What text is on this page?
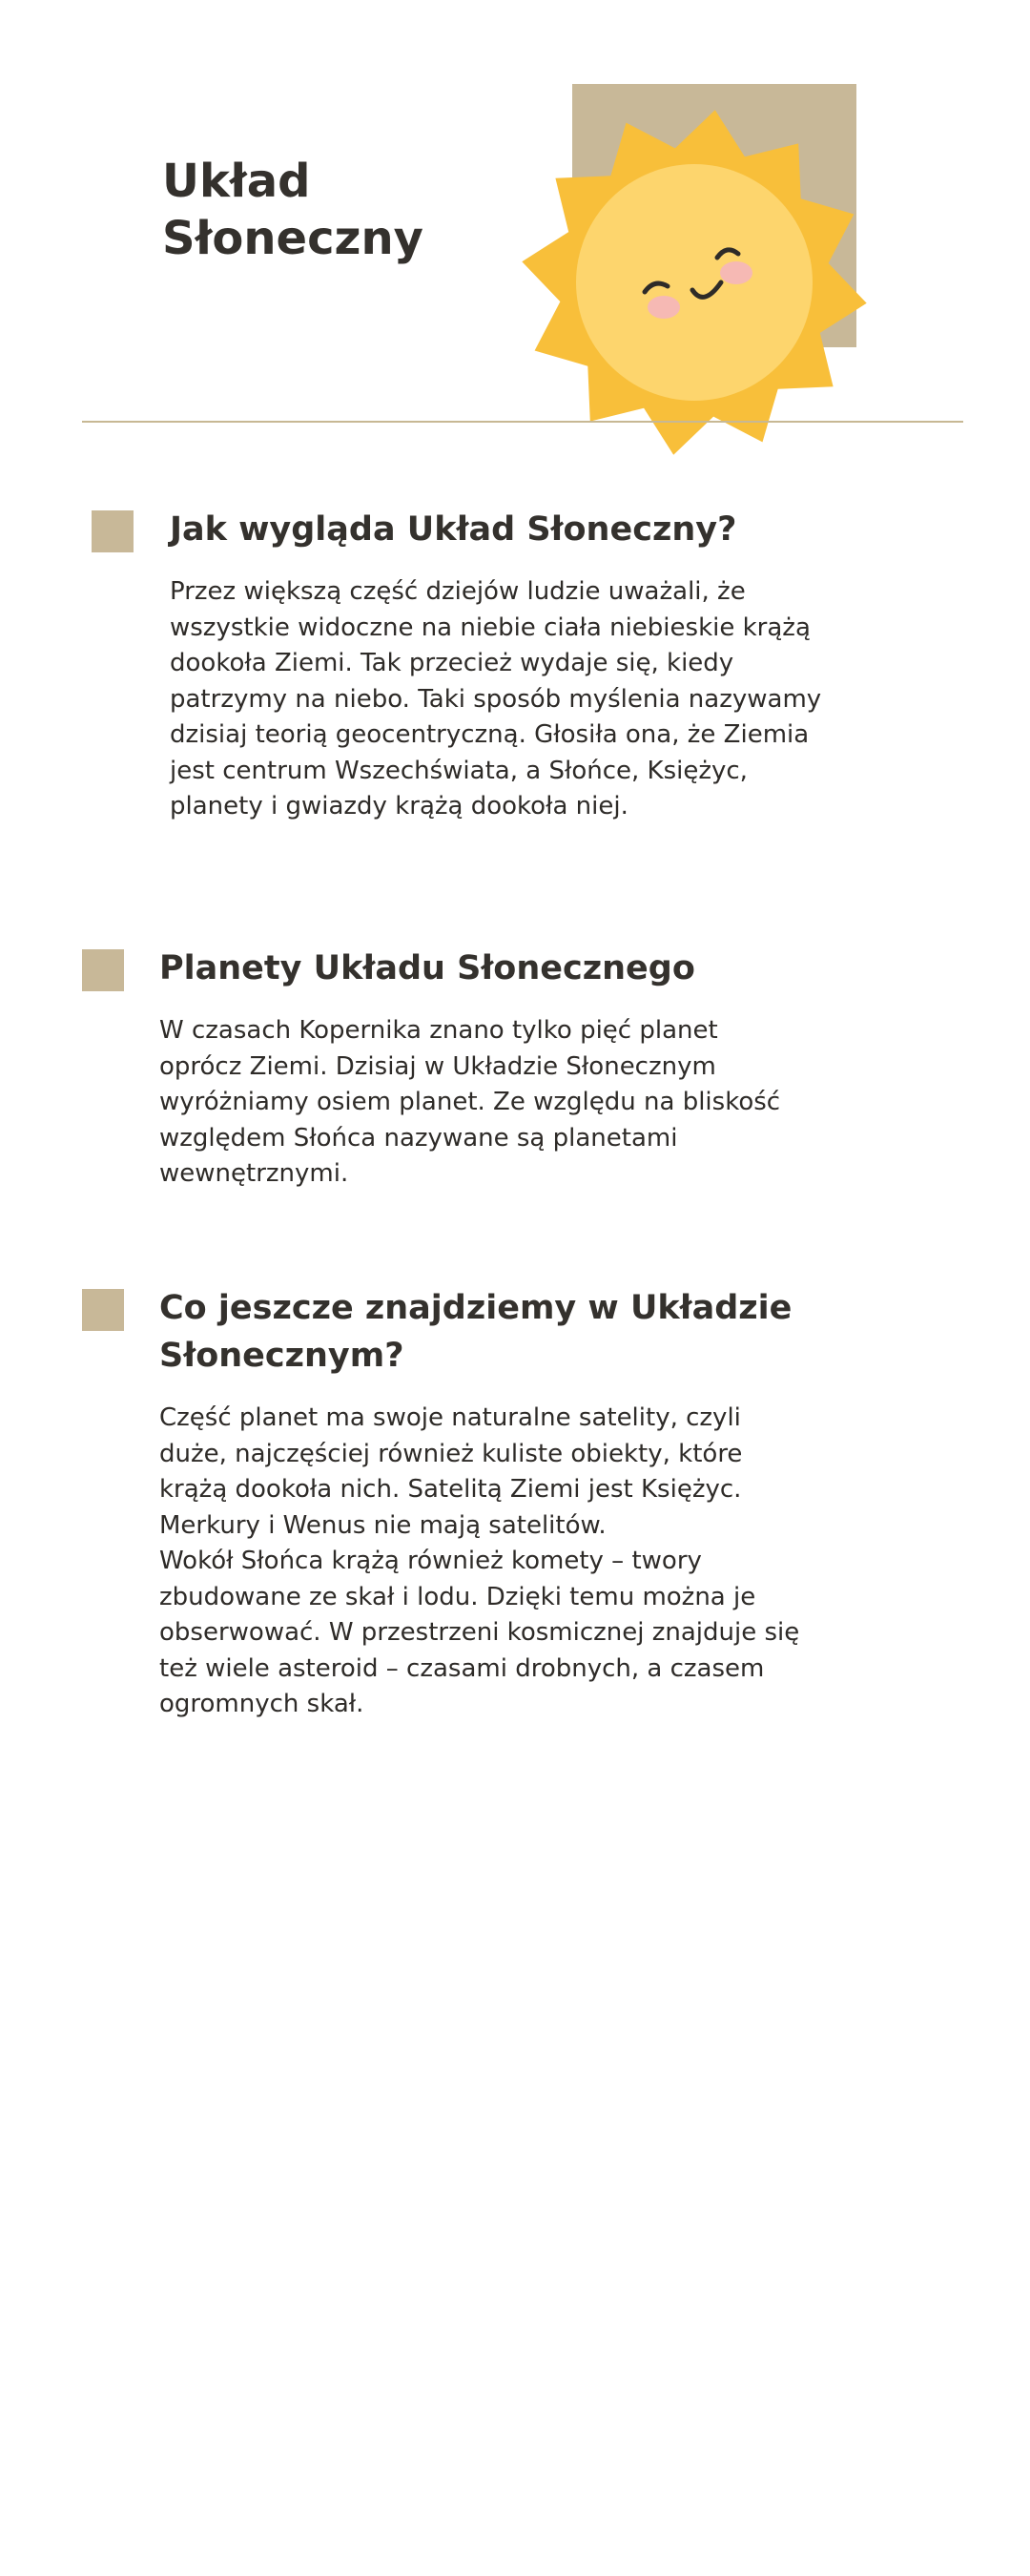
Układ
Słoneczny
Jak wygląda Układ Słoneczny?

Przez większą część dziejów ludzie uważali, że
wszystkie widoczne na niebie ciała niebieskie krążą
dookoła Ziemi. Tak przecież wydaje się, kiedy
patrzymy na niebo. Taki sposób myślenia nazywamy
dzisiaj teorią geocentryczną. Głosiła ona, że Ziemia
jest centrum Wszechświata, a Słońce, Księżyc,
planety i gwiazdy krążą dookoła niej.

Planety Układu Słonecznego

W czasach Kopernika znano tylko pięć planet
oprócz Ziemi. Dzisiaj w Układzie Słonecznym
wyróżniamy osiem planet. Ze względu na bliskość
względem Słońca nazywane są planetami
wewnętrznymi.

Co jeszcze znajdziemy w Układzie
Słonecznym?

Część planet ma swoje naturalne satelity, czyli
duże, najczęściej również kuliste obiekty, które
krążą dookoła nich. Satelitą Ziemi jest Księżyc.
Merkury i Wenus nie mają satelitów.
Wokół Słońca krążą również komety – twory
zbudowane ze skał i lodu. Dzięki temu można je
obserwować. W przestrzeni kosmicznej znajduje się
też wiele asteroid – czasami drobnych, a czasem
ogromnych skał.
